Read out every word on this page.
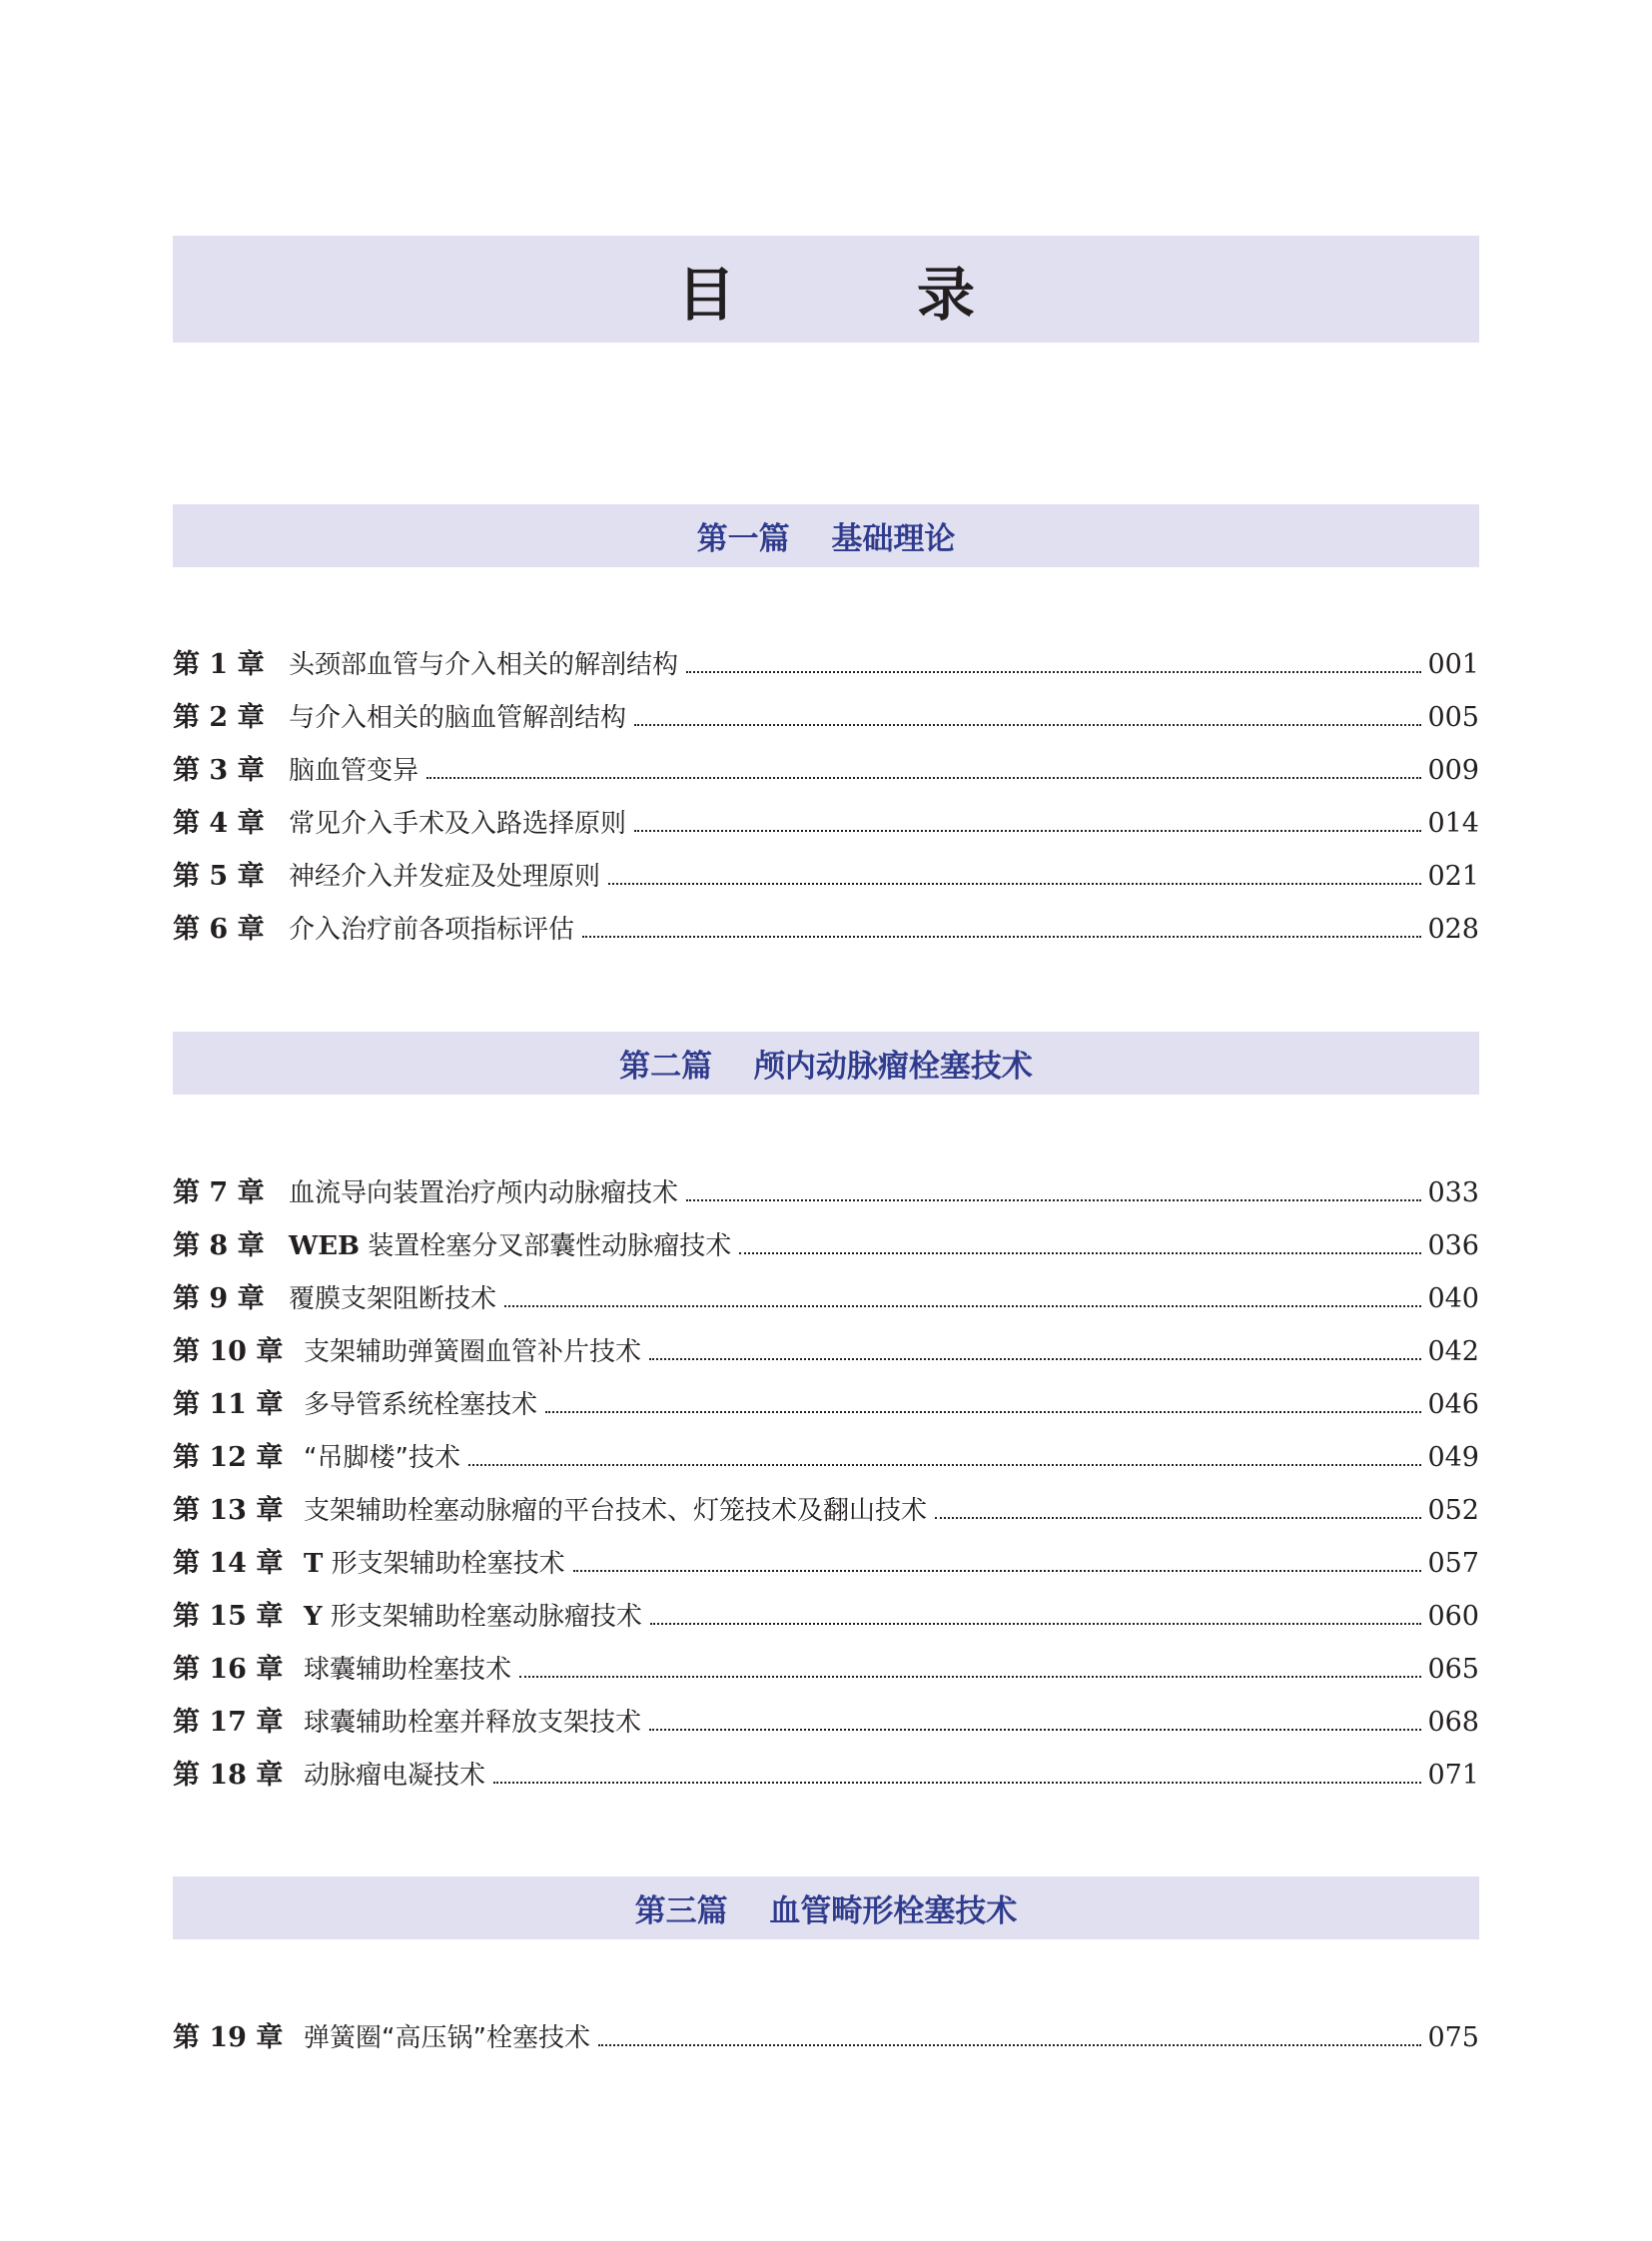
目　录
第一篇　 基础理论
第 1 章 头颈部血管与介入相关的解剖结构	001
第 2 章 与介入相关的脑血管解剖结构	005
第 3 章 脑血管变异	009
第 4 章 常见介入手术及入路选择原则	014
第 5 章 神经介入并发症及处理原则	021
第 6 章 介入治疗前各项指标评估	028
第二篇　 颅内动脉瘤栓塞技术
第 7 章 血流导向装置治疗颅内动脉瘤技术	033
第 8 章 WEB 装置栓塞分叉部囊性动脉瘤技术	036
第 9 章 覆膜支架阻断技术	040
第 10 章 支架辅助弹簧圈血管补片技术	042
第 11 章 多导管系统栓塞技术	046
第 12 章 “吊脚楼”技术	049
第 13 章 支架辅助栓塞动脉瘤的平台技术、灯笼技术及翻山技术	052
第 14 章 T 形支架辅助栓塞技术	057
第 15 章 Y 形支架辅助栓塞动脉瘤技术	060
第 16 章 球囊辅助栓塞技术	065
第 17 章 球囊辅助栓塞并释放支架技术	068
第 18 章 动脉瘤电凝技术	071
第三篇　 血管畸形栓塞技术
第 19 章 弹簧圈“高压锅”栓塞技术	075
